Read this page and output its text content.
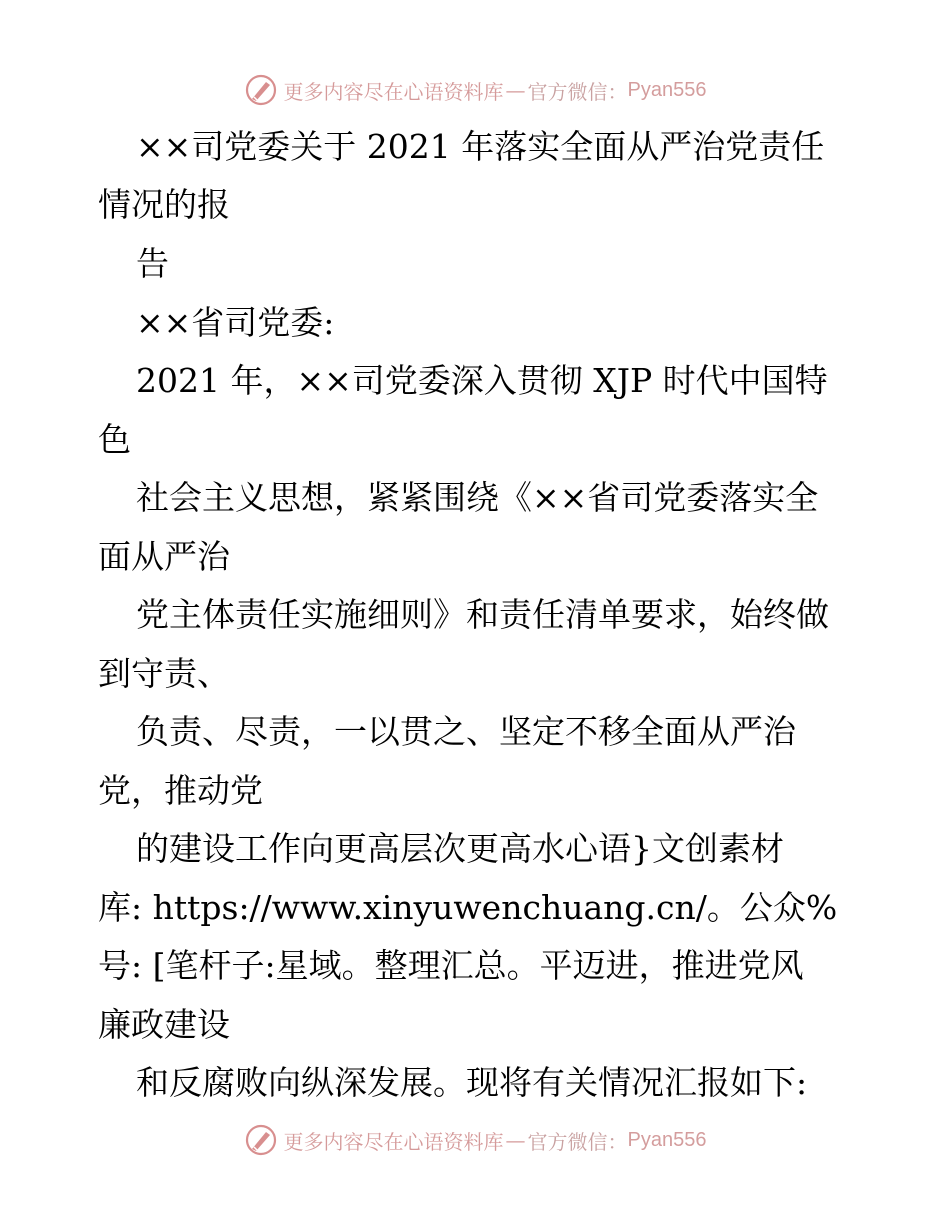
更多内容尽在心语资料库 — 官方微信： Pyan556
××司党委关于 2021 年落实全面从严治党责任
情况的报
告
××省司党委:
2021 年，××司党委深入贯彻 XJP 时代中国特
色
社会主义思想，紧紧围绕《××省司党委落实全
面从严治
党主体责任实施细则》和责任清单要求，始终做
到守责、
负责、尽责，一以贯之、坚定不移全面从严治
党，推动党
的建设工作向更高层次更高水心语}文创素材
库: https://www.xinyuwenchuang.cn/。公众%
号: [笔杆子:星域。整理汇总。平迈进，推进党风
廉政建设
和反腐败向纵深发展。现将有关情况汇报如下:
更多内容尽在心语资料库 — 官方微信： Pyan556
